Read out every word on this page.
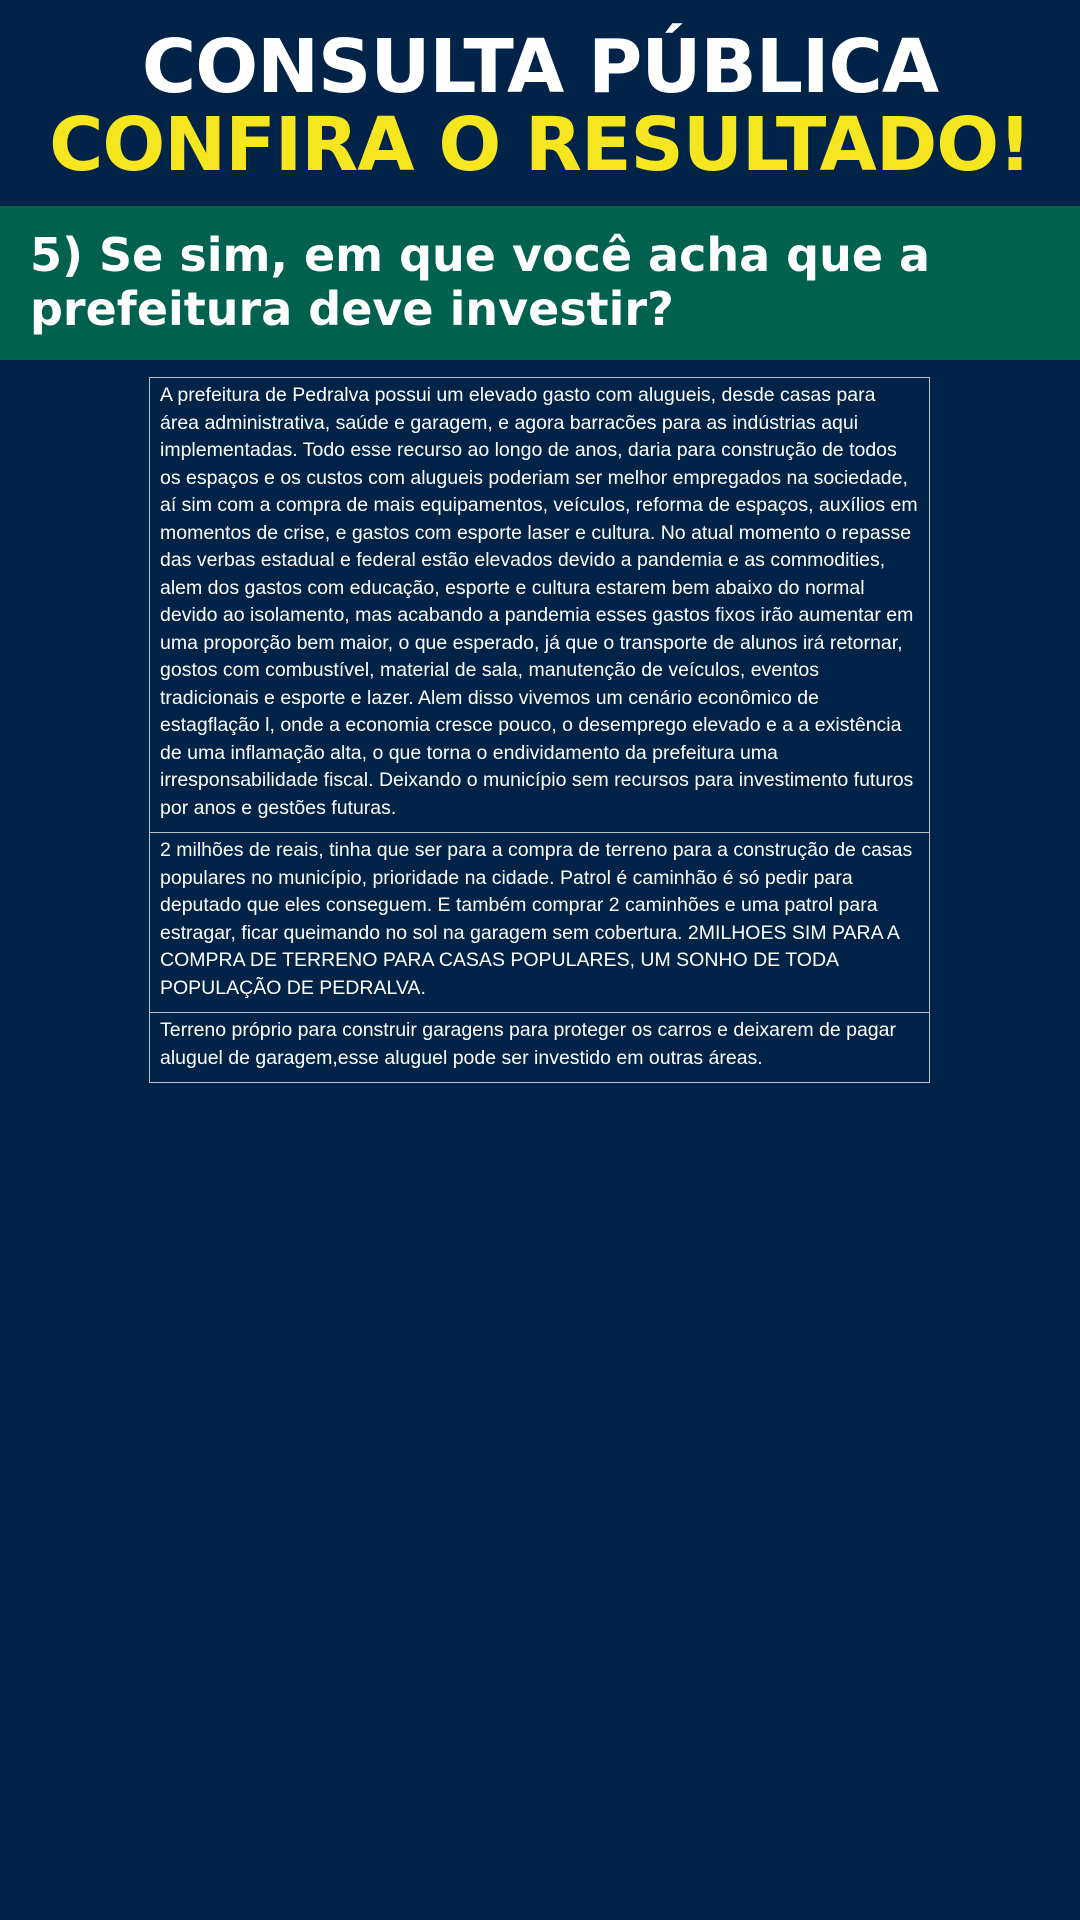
CONSULTA PÚBLICA
CONFIRA O RESULTADO!
5) Se sim, em que você acha que a prefeitura deve investir?
A prefeitura de Pedralva possui um elevado gasto com alugueis, desde casas para área administrativa, saúde e garagem, e agora barracões para as indústrias aqui implementadas. Todo esse recurso ao longo de anos, daria para construção de todos os espaços e os custos com alugueis poderiam ser melhor empregados na sociedade, aí sim com a compra de mais equipamentos, veículos, reforma de espaços, auxílios em momentos de crise, e gastos com esporte laser e cultura. No atual momento o repasse das verbas estadual e federal estão elevados devido a pandemia e as commodities, alem dos gastos com educação, esporte e cultura estarem bem abaixo do normal devido ao isolamento, mas acabando a pandemia esses gastos fixos irão aumentar em uma proporção bem maior, o que esperado, já que o transporte de alunos irá retornar, gostos com combustível, material de sala, manutenção de veículos, eventos tradicionais e esporte e lazer. Alem disso vivemos um cenário econômico de estagflação l, onde a economia cresce pouco, o desemprego elevado e a a existência de uma inflamação alta, o que torna o endividamento da prefeitura uma irresponsabilidade fiscal. Deixando o município sem recursos para investimento futuros por anos e gestões futuras.
2 milhões de reais, tinha que ser para a compra de terreno para a construção de casas populares no município, prioridade na cidade. Patrol é caminhão é só pedir para deputado que eles conseguem. E também comprar 2 caminhões e uma patrol para estragar, ficar queimando no sol na garagem sem cobertura. 2MILHOES SIM PARA A COMPRA DE TERRENO PARA CASAS POPULARES, UM SONHO DE TODA POPULAÇÃO DE PEDRALVA.
Terreno próprio para construir garagens para proteger os carros e deixarem de pagar aluguel de garagem,esse aluguel pode ser investido em outras áreas.
